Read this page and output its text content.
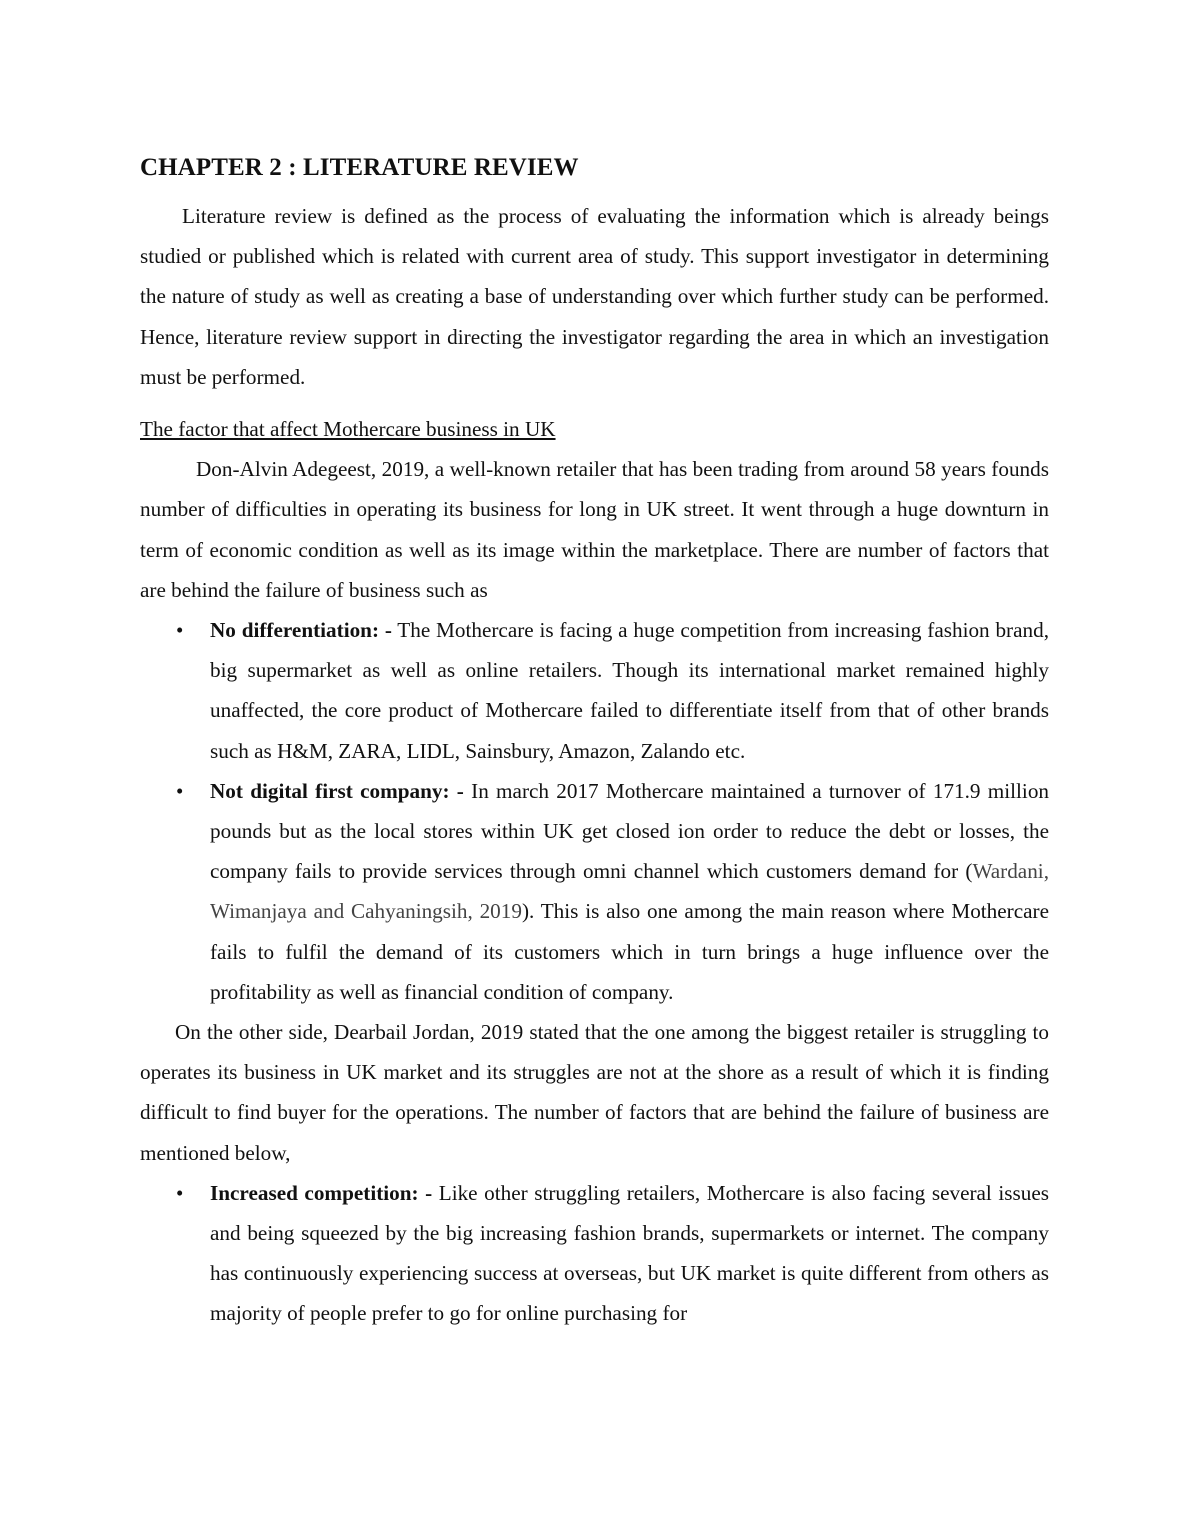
CHAPTER 2 : LITERATURE REVIEW

Literature review is defined as the process of evaluating the information which is already beings studied or published which is related with current area of study. This support investigator in determining the nature of study as well as creating a base of understanding over which further study can be performed. Hence, literature review support in directing the investigator regarding the area in which an investigation must be performed.

The factor that affect Mothercare business in UK

Don-Alvin Adegeest, 2019, a well-known retailer that has been trading from around 58 years founds number of difficulties in operating its business for long in UK street. It went through a huge downturn in term of economic condition as well as its image within the marketplace. There are number of factors that are behind the failure of business such as

• No differentiation: - The Mothercare is facing a huge competition from increasing fashion brand, big supermarket as well as online retailers. Though its international market remained highly unaffected, the core product of Mothercare failed to differentiate itself from that of other brands such as H&M, ZARA, LIDL, Sainsbury, Amazon, Zalando etc.
• Not digital first company: - In march 2017 Mothercare maintained a turnover of 171.9 million pounds but as the local stores within UK get closed ion order to reduce the debt or losses, the company fails to provide services through omni channel which customers demand for (Wardani, Wimanjaya and Cahyaningsih, 2019). This is also one among the main reason where Mothercare fails to fulfil the demand of its customers which in turn brings a huge influence over the profitability as well as financial condition of company.

On the other side, Dearbail Jordan, 2019 stated that the one among the biggest retailer is struggling to operates its business in UK market and its struggles are not at the shore as a result of which it is finding difficult to find buyer for the operations. The number of factors that are behind the failure of business are mentioned below,

• Increased competition: - Like other struggling retailers, Mothercare is also facing several issues and being squeezed by the big increasing fashion brands, supermarkets or internet. The company has continuously experiencing success at overseas, but UK market is quite different from others as majority of people prefer to go for online purchasing for
